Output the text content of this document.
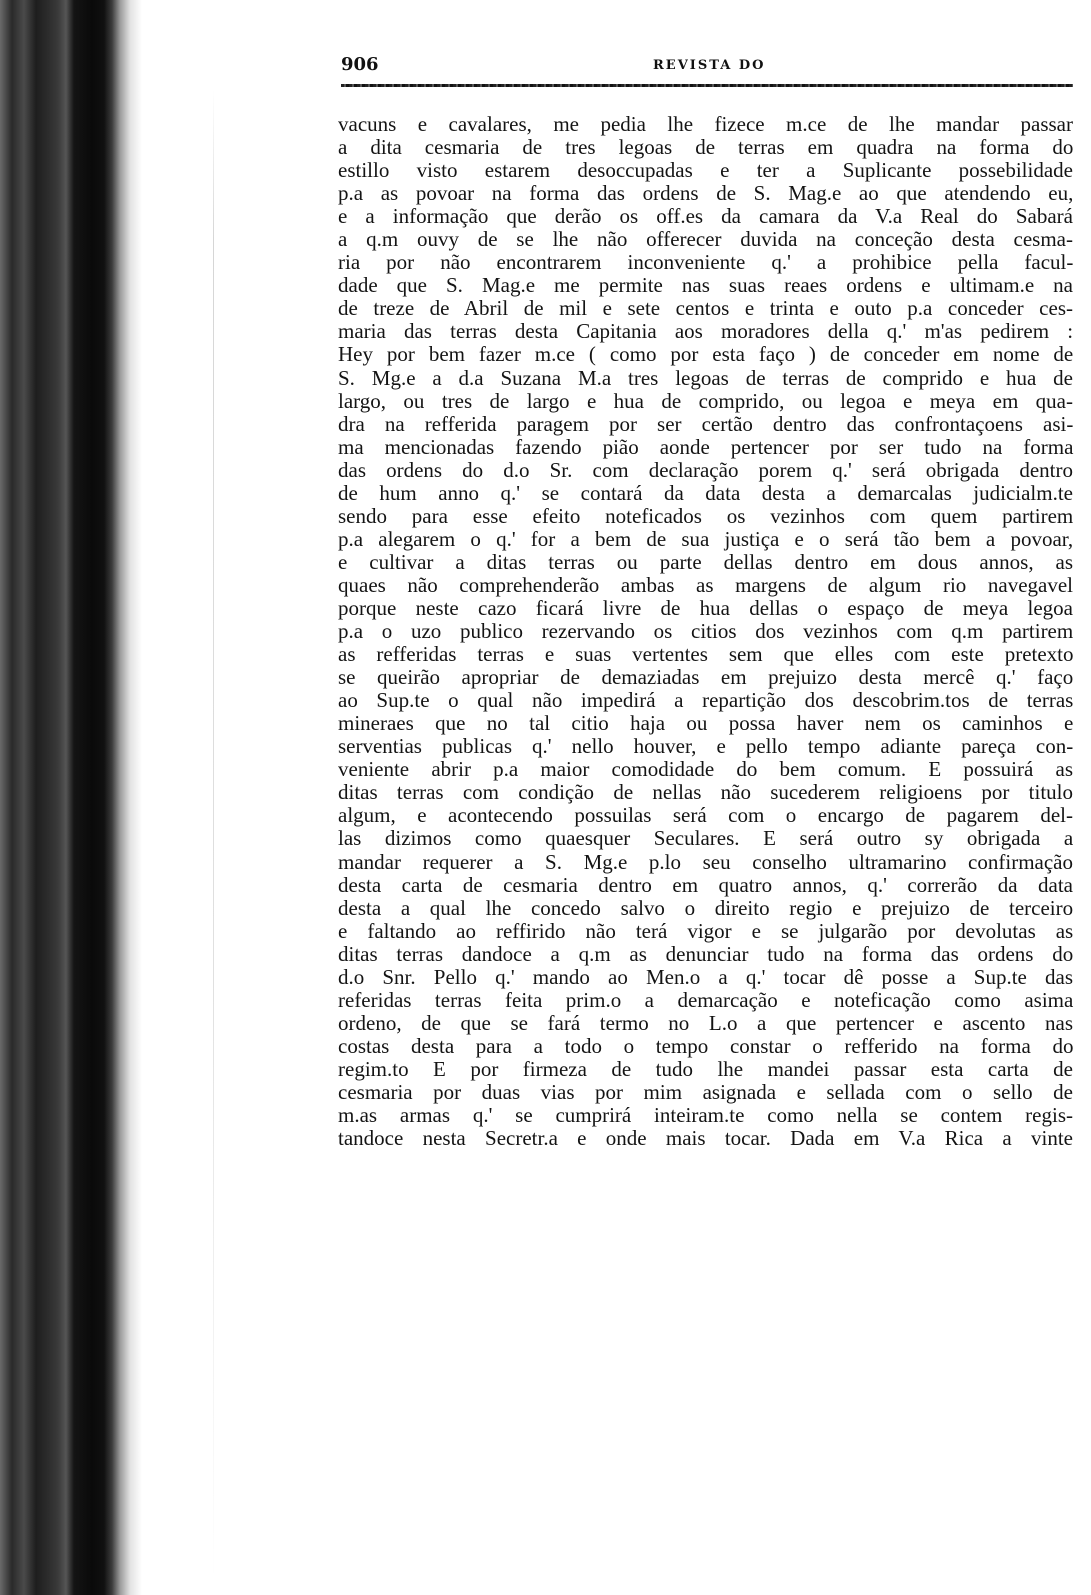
906	REVISTA DO
vacuns e cavalares, me pedia lhe fizece m.ce de lhe mandar passar
a dita cesmaria de tres legoas de terras em quadra na forma do
estillo visto estarem desoccupadas e ter a Suplicante possebilidade
p.a as povoar na forma das ordens de S. Mag.e ao que atendendo eu,
e a informação que derão os off.es da camara da V.a Real do Sabará
a q.m ouvy de se lhe não offerecer duvida na conceção desta cesma-
ria por não encontrarem inconveniente q.' a prohibice pella facul-
dade que S. Mag.e me permite nas suas reaes ordens e ultimam.e na
de treze de Abril de mil e sete centos e trinta e outo p.a conceder ces-
maria das terras desta Capitania aos moradores della q.' m'as pedirem :
Hey por bem fazer m.ce ( como por esta faço ) de conceder em nome de
S. Mg.e a d.a Suzana M.a tres legoas de terras de comprido e hua de
largo, ou tres de largo e hua de comprido, ou legoa e meya em qua-
dra na refferida paragem por ser certão dentro das confrontaçoens asi-
ma mencionadas fazendo pião aonde pertencer por ser tudo na forma
das ordens do d.o Sr. com declaração porem q.' será obrigada dentro
de hum anno q.' se contará da data desta a demarcalas judicialm.te
sendo para esse efeito noteficados os vezinhos com quem partirem
p.a alegarem o q.' for a bem de sua justiça e o será tão bem a povoar,
e cultivar a ditas terras ou parte dellas dentro em dous annos, as
quaes não comprehenderão ambas as margens de algum rio navegavel
porque neste cazo ficará livre de hua dellas o espaço de meya legoa
p.a o uzo publico rezervando os citios dos vezinhos com q.m partirem
as refferidas terras e suas vertentes sem que elles com este pretexto
se queirão apropriar de demaziadas em prejuizo desta mercê q.' faço
ao Sup.te o qual não impedirá a repartição dos descobrim.tos de terras
mineraes que no tal citio haja ou possa haver nem os caminhos e
serventias publicas q.' nello houver, e pello tempo adiante pareça con-
veniente abrir p.a maior comodidade do bem comum. E possuirá as
ditas terras com condição de nellas não sucederem religioens por titulo
algum, e acontecendo possuilas será com o encargo de pagarem del-
las dizimos como quaesquer Seculares. E será outro sy obrigada a
mandar requerer a S. Mg.e p.lo seu conselho ultramarino confirmação
desta carta de cesmaria dentro em quatro annos, q.' correrão da data
desta a qual lhe concedo salvo o direito regio e prejuizo de terceiro
e faltando ao reffirido não terá vigor e se julgarão por devolutas as
ditas terras dandoce a q.m as denunciar tudo na forma das ordens do
d.o Snr. Pello q.' mando ao Men.o a q.' tocar dê posse a Sup.te das
referidas terras feita prim.o a demarcação e noteficação como asima
ordeno, de que se fará termo no L.o a que pertencer e ascento nas
costas desta para a todo o tempo constar o refferido na forma do
regim.to E por firmeza de tudo lhe mandei passar esta carta de
cesmaria por duas vias por mim asignada e sellada com o sello de
m.as armas q.' se cumprirá inteiram.te como nella se contem regis-
tandoce nesta Secretr.a e onde mais tocar. Dada em V.a Rica a vinte
